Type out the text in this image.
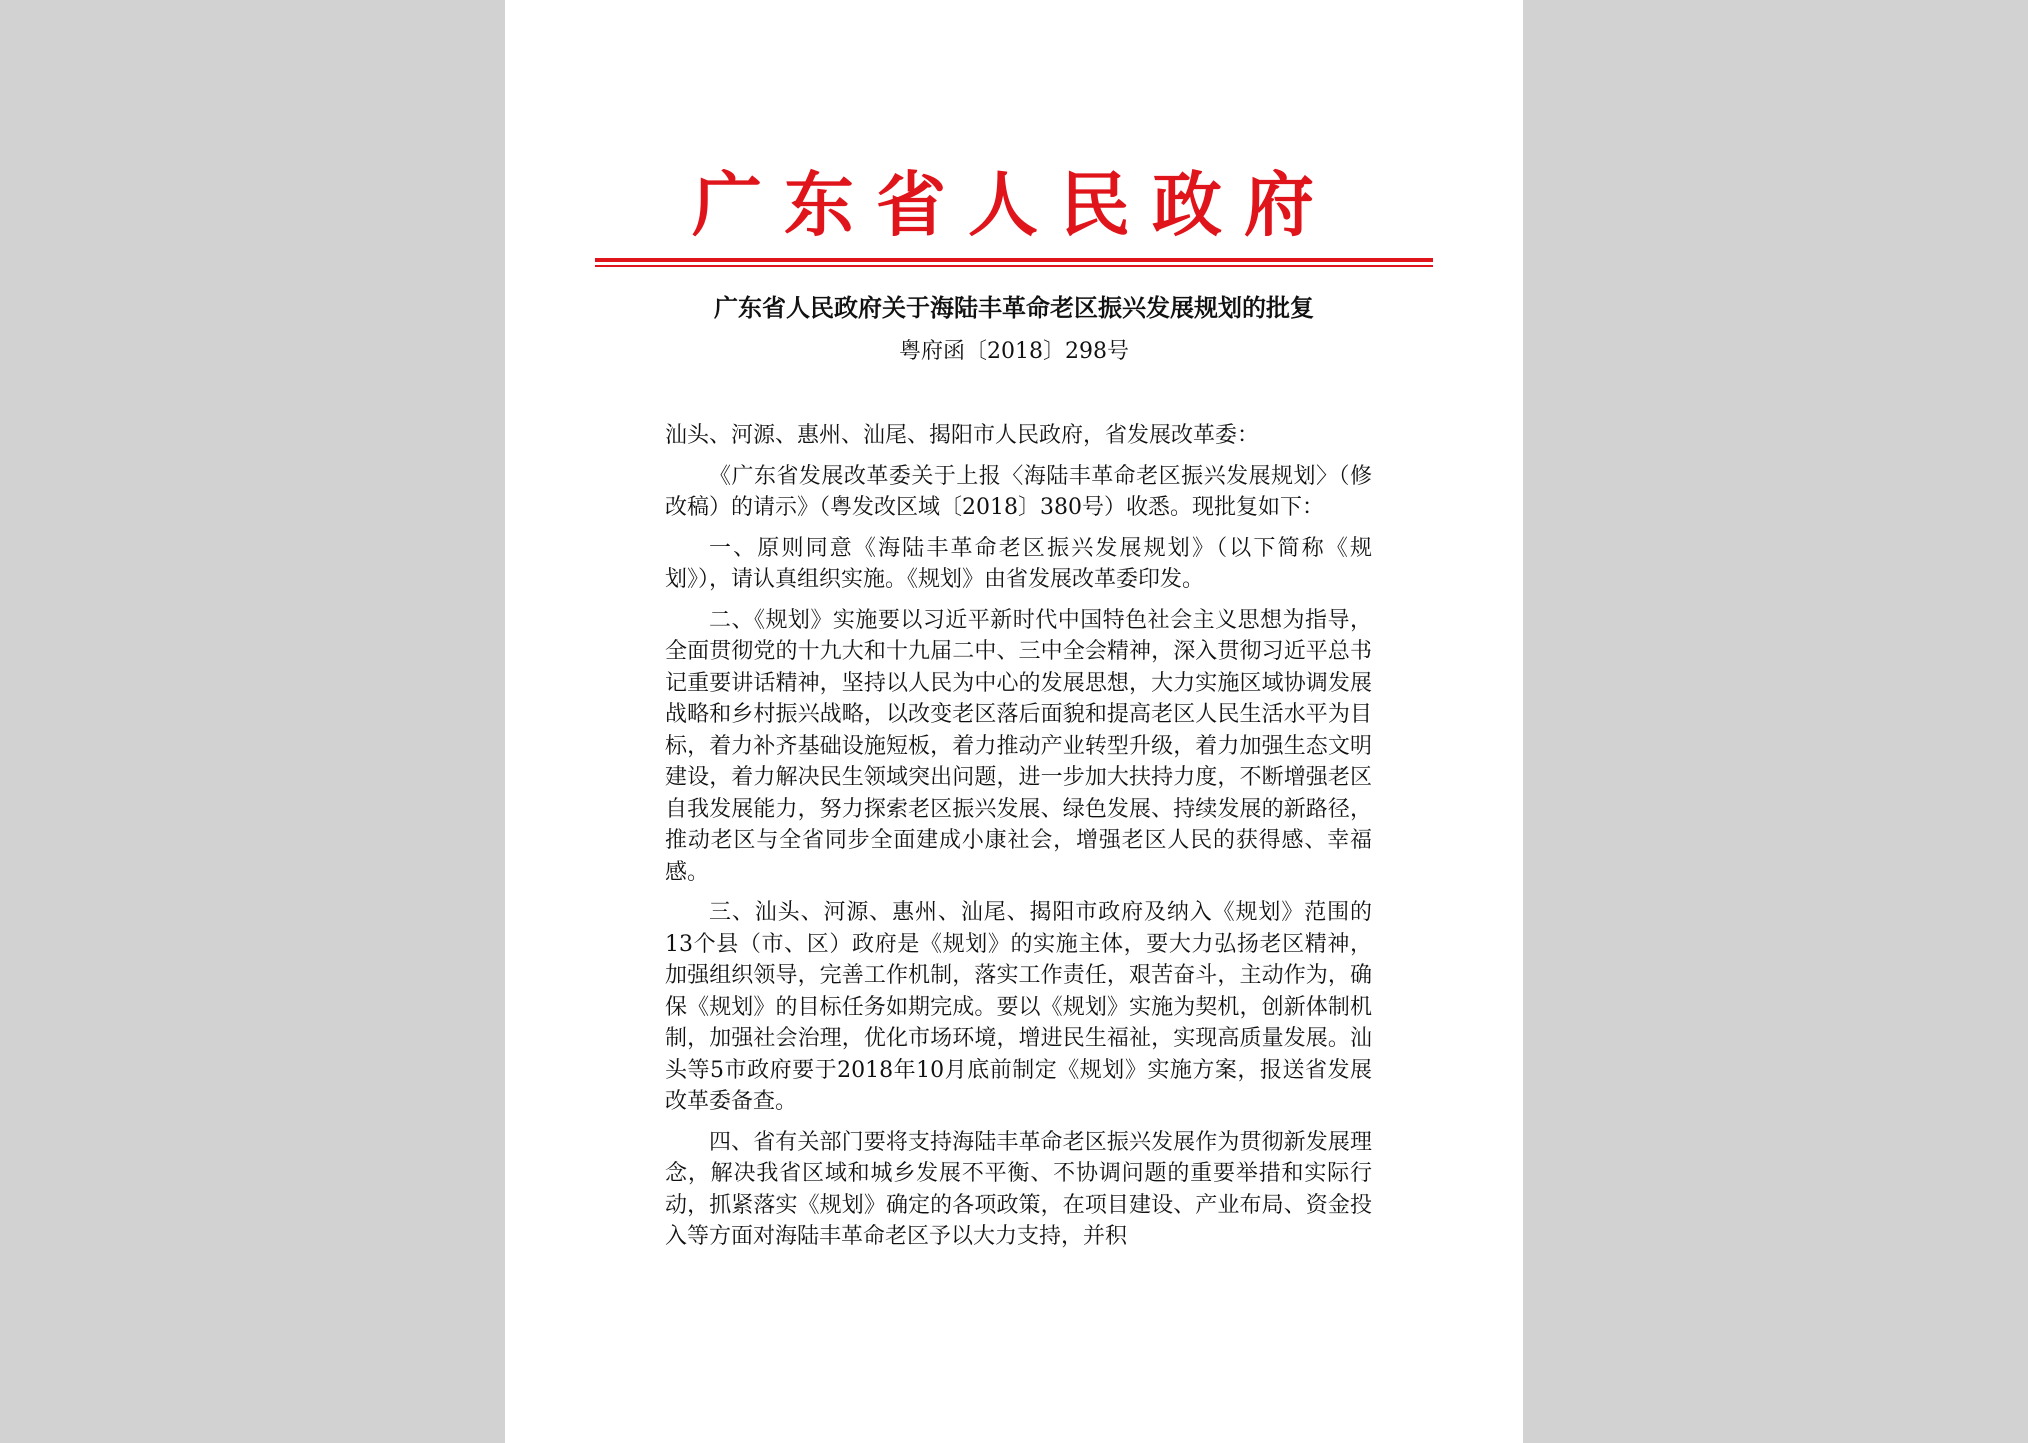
广东省人民政府
广东省人民政府关于海陆丰革命老区振兴发展规划的批复
粤府函〔2018〕298号

汕头、河源、惠州、汕尾、揭阳市人民政府，省发展改革委：

《广东省发展改革委关于上报〈海陆丰革命老区振兴发展规划〉（修改稿）的请示》（粤发改区域〔2018〕380号）收悉。现批复如下：

一、原则同意《海陆丰革命老区振兴发展规划》（以下简称《规划》），请认真组织实施。《规划》由省发展改革委印发。

二、《规划》实施要以习近平新时代中国特色社会主义思想为指导，全面贯彻党的十九大和十九届二中、三中全会精神，深入贯彻习近平总书记重要讲话精神，坚持以人民为中心的发展思想，大力实施区域协调发展战略和乡村振兴战略，以改变老区落后面貌和提高老区人民生活水平为目标，着力补齐基础设施短板，着力推动产业转型升级，着力加强生态文明建设，着力解决民生领域突出问题，进一步加大扶持力度，不断增强老区自我发展能力，努力探索老区振兴发展、绿色发展、持续发展的新路径，推动老区与全省同步全面建成小康社会，增强老区人民的获得感、幸福感。

三、汕头、河源、惠州、汕尾、揭阳市政府及纳入《规划》范围的13个县（市、区）政府是《规划》的实施主体，要大力弘扬老区精神，加强组织领导，完善工作机制，落实工作责任，艰苦奋斗，主动作为，确保《规划》的目标任务如期完成。要以《规划》实施为契机，创新体制机制，加强社会治理，优化市场环境，增进民生福祉，实现高质量发展。汕头等5市政府要于2018年10月底前制定《规划》实施方案，报送省发展改革委备查。

四、省有关部门要将支持海陆丰革命老区振兴发展作为贯彻新发展理念，解决我省区域和城乡发展不平衡、不协调问题的重要举措和实际行动，抓紧落实《规划》确定的各项政策，在项目建设、产业布局、资金投入等方面对海陆丰革命老区予以大力支持，并积
